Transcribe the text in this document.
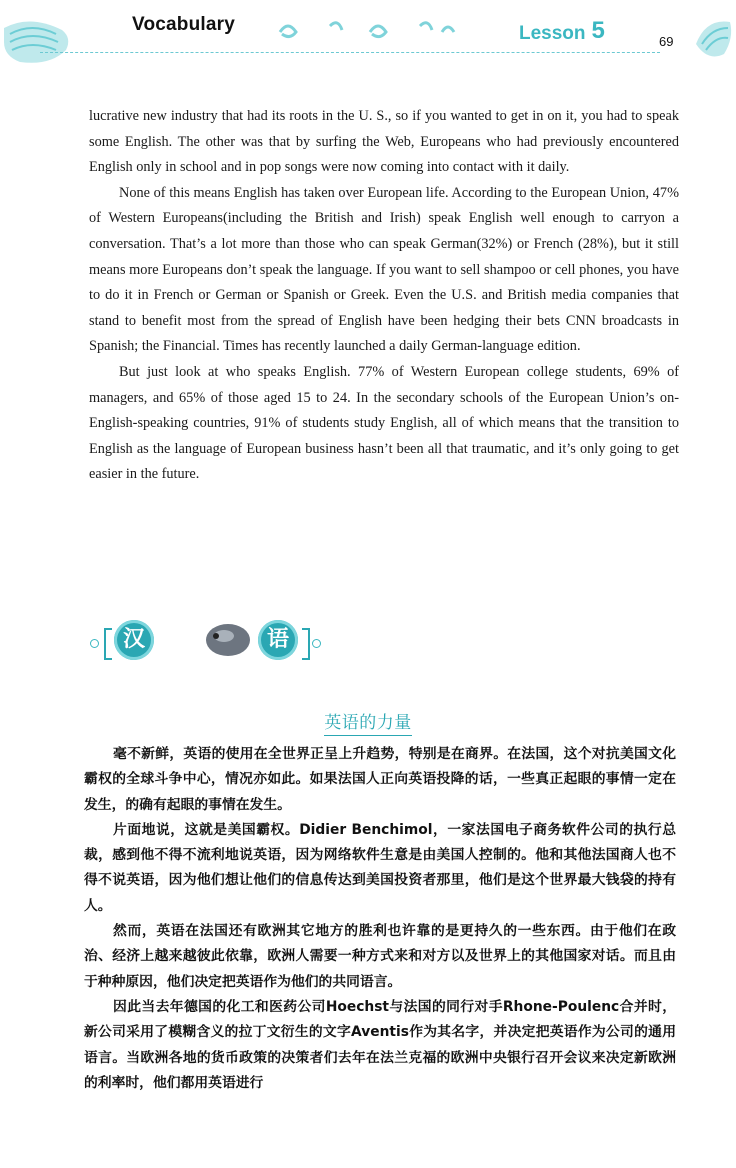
Vocabulary	Lesson 5	69

lucrative new industry that had its roots in the U. S., so if you wanted to get in on it, you had to speak some English. The other was that by surfing the Web, Europeans who had previously encountered English only in school and in pop songs were now coming into contact with it daily.

None of this means English has taken over European life. According to the European Union, 47% of Western Europeans(including the British and Irish) speak English well enough to carryon a conversation. That’s a lot more than those who can speak German(32%) or French (28%), but it still means more Europeans don’t speak the language. If you want to sell shampoo or cell phones, you have to do it in French or German or Spanish or Greek. Even the U.S. and British media companies that stand to benefit most from the spread of English have been hedging their bets CNN broadcasts in Spanish; the Financial. Times has recently launched a daily German-language edition.

But just look at who speaks English. 77% of Western European college students, 69% of managers, and 65% of those aged 15 to 24. In the secondary schools of the European Union’s on-English-speaking countries, 91% of students study English, all of which means that the transition to English as the language of European business hasn’t been all that traumatic, and it’s only going to get easier in the future.

汉语
语境
英语的力量

毫不新鲜，英语的使用在全世界正呈上升趋势，特别是在商界。在法国，这个对抗美国文化霸权的全球斗争中心，情况亦如此。如果法国人正向英语投降的话，一些真正起眼的事情一定在发生，的确有起眼的事情在发生。

片面地说，这就是美国霸权。Didier Benchimol，一家法国电子商务软件公司的执行总裁，感到他不得不流利地说英语，因为网络软件生意是由美国人控制的。他和其他法国商人也不得不说英语，因为他们想让他们的信息传达到美国投资者那里，他们是这个世界最大钱袋的持有人。

然而，英语在法国还有欧洲其它地方的胜利也许靠的是更持久的一些东西。由于他们在政治、经济上越来越彼此依靠，欧洲人需要一种方式来和对方以及世界上的其他国家对话。而且由于种种原因，他们决定把英语作为他们的共同语言。

因此当去年德国的化工和医药公司Hoechst与法国的同行对手Rhone-Poulenc合并时，新公司采用了模糊含义的拉丁文衍生的文字Aventis作为其名字，并决定把英语作为公司的通用语言。当欧洲各地的货币政策的决策者们去年在法兰克福的欧洲中央银行召开会议来决定新欧洲的利率时，他们都用英语进行
